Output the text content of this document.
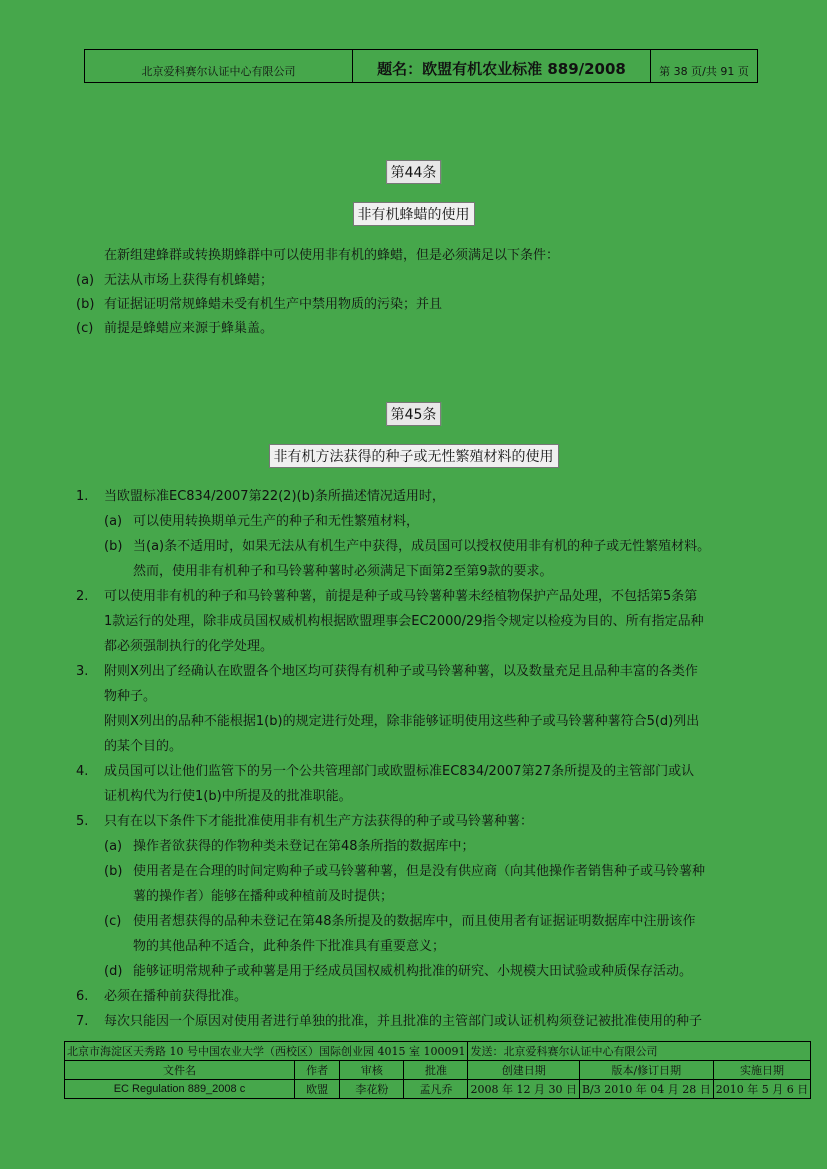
北京爱科赛尔认证中心有限公司	题名：欧盟有机农业标准 889/2008	第 38 页/共 91 页
第44条
非有机蜂蜡的使用
在新组建蜂群或转换期蜂群中可以使用非有机的蜂蜡，但是必须满足以下条件：
(a) 无法从市场上获得有机蜂蜡；
(b) 有证据证明常规蜂蜡未受有机生产中禁用物质的污染；并且
(c) 前提是蜂蜡应来源于蜂巢盖。
第45条
非有机方法获得的种子或无性繁殖材料的使用
1. 当欧盟标准EC834/2007第22(2)(b)条所描述情况适用时，
(a) 可以使用转换期单元生产的种子和无性繁殖材料，
(b) 当(a)条不适用时，如果无法从有机生产中获得，成员国可以授权使用非有机的种子或无性繁殖材料。
然而，使用非有机种子和马铃薯种薯时必须满足下面第2至第9款的要求。
2. 可以使用非有机的种子和马铃薯种薯，前提是种子或马铃薯种薯未经植物保护产品处理，不包括第5条第
1款运行的处理，除非成员国权威机构根据欧盟理事会EC2000/29指令规定以检疫为目的、所有指定品种
都必须强制执行的化学处理。
3. 附则Ⅹ列出了经确认在欧盟各个地区均可获得有机种子或马铃薯种薯，以及数量充足且品种丰富的各类作
物种子。
附则Ⅹ列出的品种不能根据1(b)的规定进行处理，除非能够证明使用这些种子或马铃薯种薯符合5(d)列出
的某个目的。
4. 成员国可以让他们监管下的另一个公共管理部门或欧盟标准EC834/2007第27条所提及的主管部门或认
证机构代为行使1(b)中所提及的批准职能。
5. 只有在以下条件下才能批准使用非有机生产方法获得的种子或马铃薯种薯：
(a) 操作者欲获得的作物种类未登记在第48条所指的数据库中；
(b) 使用者是在合理的时间定购种子或马铃薯种薯，但是没有供应商（向其他操作者销售种子或马铃薯种
薯的操作者）能够在播种或种植前及时提供；
(c) 使用者想获得的品种未登记在第48条所提及的数据库中，而且使用者有证据证明数据库中注册该作
物的其他品种不适合，此种条件下批准具有重要意义；
(d) 能够证明常规种子或种薯是用于经成员国权威机构批准的研究、小规模大田试验或种质保存活动。
6. 必须在播种前获得批准。
7. 每次只能因一个原因对使用者进行单独的批准，并且批准的主管部门或认证机构须登记被批准使用的种子
北京市海淀区天秀路 10 号中国农业大学（西校区）国际创业园 4015 室 100091				发送：北京爱科赛尔认证中心有限公司		
文件名	作者	审核	批准	创建日期	版本/修订日期	实施日期
EC Regulation 889_2008 c	欧盟	李花粉	孟凡乔	2008 年 12 月 30 日	B/3 2010 年 04 月 28 日	2010 年 5 月 6 日
